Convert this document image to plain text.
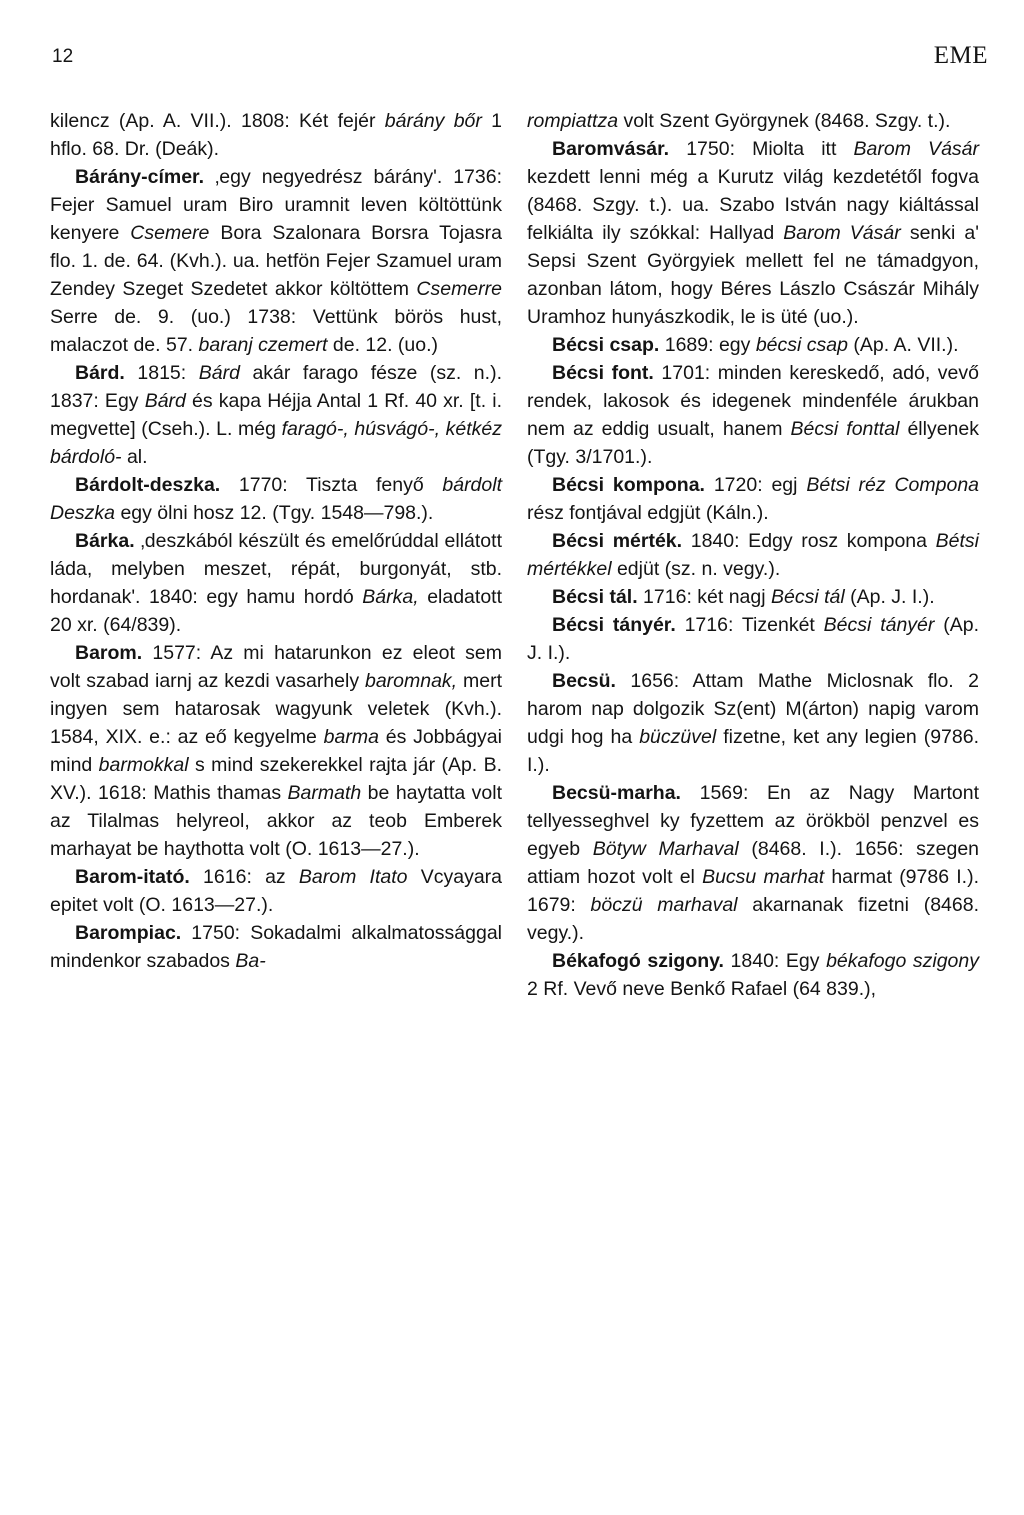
12	EME

kilencz (Ap. A. VII.). 1808: Két fejér bárány bőr 1 hflo. 68. Dr. (Deák).

Bárány-címer. ‚egy negyedrész bárány'. 1736: Fejer Samuel uram Biro uramnit leven költöttünk kenyere Csemere Bora Szalonara Borsra Tojasra flo. 1. de. 64. (Kvh.). ua. hetfön Fejer Szamuel uram Zendey Szeget Szedetet akkor költöttem Csemerre Serre de. 9. (uo.) 1738: Vettünk börös hust, malaczot de. 57. baranj czemert de. 12. (uo.)

Bárd. 1815: Bárd akár farago fésze (sz. n.). 1837: Egy Bárd és kapa Héjja Antal 1 Rf. 40 xr. [t. i. megvette] (Cseh.). L. még faragó-, húsvágó-, kétkéz bárdoló- al.

Bárdolt-deszka. 1770: Tiszta fenyő bárdolt Deszka egy ölni hosz 12. (Tgy. 1548—798.).

Bárka. ‚deszkából készült és emelőrúddal ellátott láda, melyben meszet, répát, burgonyát, stb. hordanak'. 1840: egy hamu hordó Bárka, eladatott 20 xr. (64/839).

Barom. 1577: Az mi hatarunkon ez eleot sem volt szabad iarnj az kezdi vasarhely baromnak, mert ingyen sem hatarosak wagyunk veletek (Kvh.). 1584, XIX. e.: az eő kegyelme barma és Jobbágyai mind barmokkal s mind szekerekkel rajta jár (Ap. B. XV.). 1618: Mathis thamas Barmath be haytatta volt az Tilalmas helyreol, akkor az teob Emberek marhayat be haythotta volt (O. 1613—27.).

Barom-itató. 1616: az Barom Itato Vcyayara epitet volt (O. 1613—27.).

Barompiac. 1750: Sokadalmi alkalmatossággal mindenkor szabados Ba-

rompiattza volt Szent Györgynek (8468. Szgy. t.).

Baromvásár. 1750: Miolta itt Barom Vásár kezdett lenni még a Kurutz világ kezdetétől fogva (8468. Szgy. t.). ua. Szabo István nagy kiáltással felkiálta ily szókkal: Hallyad Barom Vásár senki a' Sepsi Szent Györgyiek mellett fel ne támadgyon, azonban látom, hogy Béres Lászlo Császár Mihály Uramhoz hunyászkodik, le is üté (uo.).

Bécsi csap. 1689: egy bécsi csap (Ap. A. VII.).

Bécsi font. 1701: minden kereskedő, adó, vevő rendek, lakosok és idegenek mindenféle árukban nem az eddig usualt, hanem Bécsi fonttal éllyenek (Tgy. 3/1701.).

Bécsi kompona. 1720: egj Bétsi réz Compona rész fontjával edgjüt (Káln.).

Bécsi mérték. 1840: Edgy rosz kompona Bétsi mértékkel edjüt (sz. n. vegy.).

Bécsi tál. 1716: két nagj Bécsi tál (Ap. J. I.).

Bécsi tányér. 1716: Tizenkét Bécsi tányér (Ap. J. I.).

Becsü. 1656: Attam Mathe Miclosnak flo. 2 harom nap dolgozik Sz(ent) M(árton) napig varom udgi hog ha büczüvel fizetne, ket any legien (9786. I.).

Becsü-marha. 1569: En az Nagy Martont tellyesseghvel ky fyzettem az örökböl penzvel es egyeb Bötyw Marhaval (8468. I.). 1656: szegen attiam hozot volt el Bucsu marhat harmat (9786 I.). 1679: böczü marhaval akarnanak fizetni (8468. vegy.).

Békafogó szigony. 1840: Egy békafogo szigony 2 Rf. Vevő neve Benkő Rafael (64 839.),
